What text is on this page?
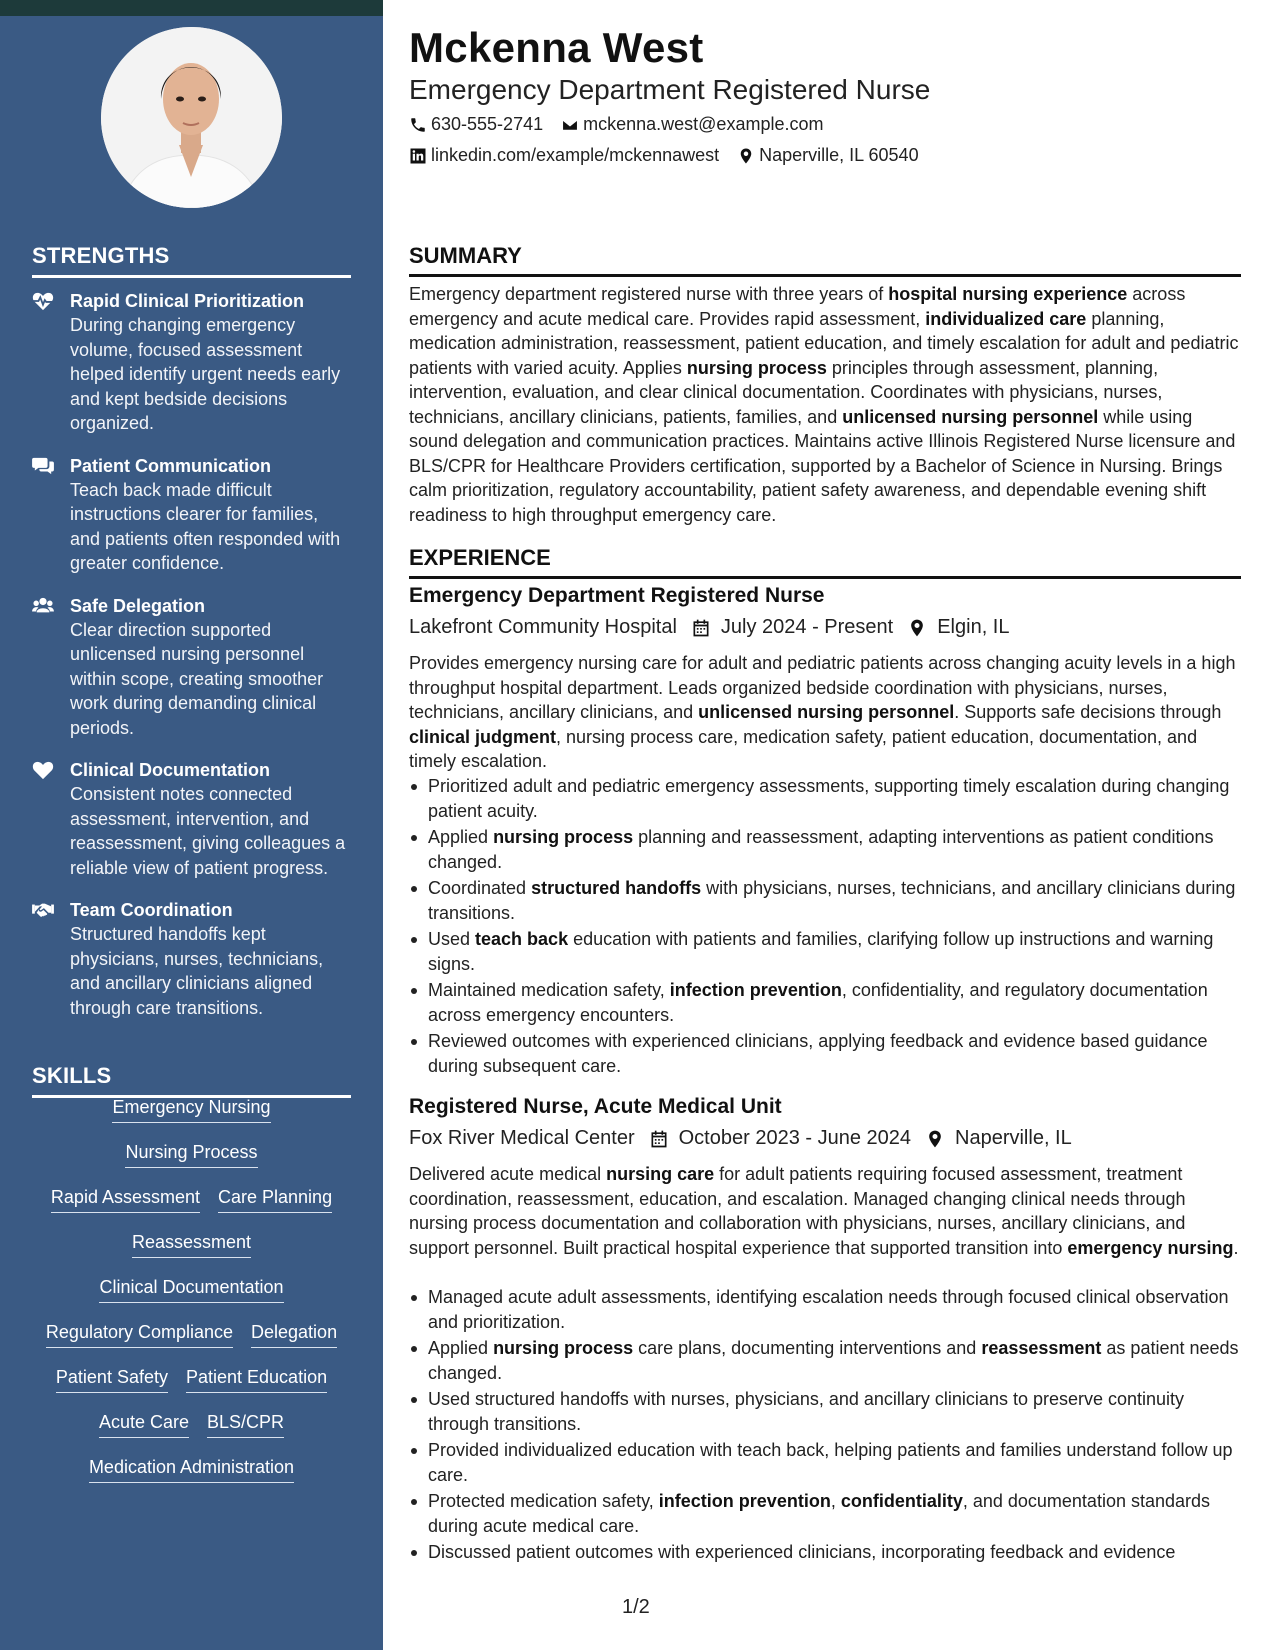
STRENGTHS
Rapid Clinical Prioritization
During changing emergency volume, focused assessment helped identify urgent needs early and kept bedside decisions organized.
Patient Communication
Teach back made difficult instructions clearer for families, and patients often responded with greater confidence.
Safe Delegation
Clear direction supported unlicensed nursing personnel within scope, creating smoother work during demanding clinical periods.
Clinical Documentation
Consistent notes connected assessment, intervention, and reassessment, giving colleagues a reliable view of patient progress.
Team Coordination
Structured handoffs kept physicians, nurses, technicians, and ancillary clinicians aligned through care transitions.
SKILLS
Emergency Nursing
Nursing Process
Rapid Assessment Care Planning
Reassessment
Clinical Documentation
Regulatory Compliance Delegation
Patient Safety Patient Education
Acute Care BLS/CPR
Medication Administration
Mckenna West
Emergency Department Registered Nurse
630-555-2741 mckenna.west@example.com
linkedin.com/example/mckennawest Naperville, IL 60540
SUMMARY
Emergency department registered nurse with three years of hospital nursing experience across emergency and acute medical care. Provides rapid assessment, individualized care planning, medication administration, reassessment, patient education, and timely escalation for adult and pediatric patients with varied acuity. Applies nursing process principles through assessment, planning, intervention, evaluation, and clear clinical documentation. Coordinates with physicians, nurses, technicians, ancillary clinicians, patients, families, and unlicensed nursing personnel while using sound delegation and communication practices. Maintains active Illinois Registered Nurse licensure and BLS/CPR for Healthcare Providers certification, supported by a Bachelor of Science in Nursing. Brings calm prioritization, regulatory accountability, patient safety awareness, and dependable evening shift readiness to high throughput emergency care.
EXPERIENCE
Emergency Department Registered Nurse
Lakefront Community Hospital July 2024 - Present Elgin, IL
Provides emergency nursing care for adult and pediatric patients across changing acuity levels in a high throughput hospital department. Leads organized bedside coordination with physicians, nurses, technicians, ancillary clinicians, and unlicensed nursing personnel. Supports safe decisions through clinical judgment, nursing process care, medication safety, patient education, documentation, and timely escalation.
Prioritized adult and pediatric emergency assessments, supporting timely escalation during changing patient acuity.
Applied nursing process planning and reassessment, adapting interventions as patient conditions changed.
Coordinated structured handoffs with physicians, nurses, technicians, and ancillary clinicians during transitions.
Used teach back education with patients and families, clarifying follow up instructions and warning signs.
Maintained medication safety, infection prevention, confidentiality, and regulatory documentation across emergency encounters.
Reviewed outcomes with experienced clinicians, applying feedback and evidence based guidance during subsequent care.
Registered Nurse, Acute Medical Unit
Fox River Medical Center October 2023 - June 2024 Naperville, IL
Delivered acute medical nursing care for adult patients requiring focused assessment, treatment coordination, reassessment, education, and escalation. Managed changing clinical needs through nursing process documentation and collaboration with physicians, nurses, ancillary clinicians, and support personnel. Built practical hospital experience that supported transition into emergency nursing.
Managed acute adult assessments, identifying escalation needs through focused clinical observation and prioritization.
Applied nursing process care plans, documenting interventions and reassessment as patient needs changed.
Used structured handoffs with nurses, physicians, and ancillary clinicians to preserve continuity through transitions.
Provided individualized education with teach back, helping patients and families understand follow up care.
Protected medication safety, infection prevention, confidentiality, and documentation standards during acute medical care.
Discussed patient outcomes with experienced clinicians, incorporating feedback and evidence
1/2
